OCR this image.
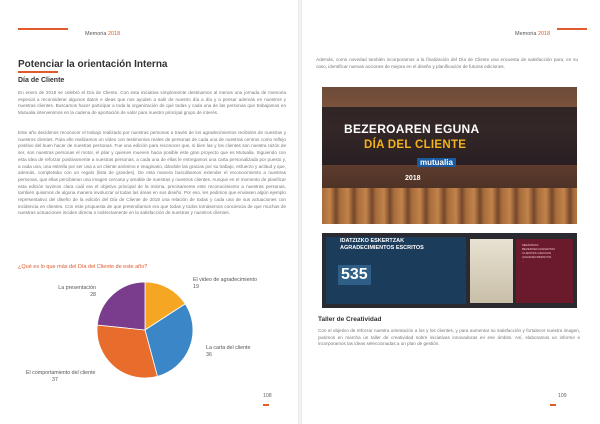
Memoria 2018
Potenciar la orientación Interna
Día de Cliente

En enero de 2018 se celebró el Día de Cliente. Con esta iniciativa simplemente destinamos al menos una jornada de memoria especial a reconsiderar algunos datos e ideas que nos ayuden a salir de nuestro día a día y a pensar además en nuestros y nuestras clientes. Buscamos hacer participar a toda la organización de qué todas y cada una de las personas que trabajamos en Mutualia intervenimos en la cadena de aportación de valor para nuestro principal grupo de interés.

Este año decidimos reconocer el trabajo realizado por nuestras personas a través de los agradecimientos recibidos de nuestras y nuestros clientes. Para ello realizamos un vídeo con testimonios reales de personas de cada una de nuestras centros como reflejo positivo del buen hacer de nuestras personas. Fue una edición para reconocer que, si bien las y los clientes son nuestra razón de ser, son nuestras personas el motor, el pilar y quienes mueven hacia posible este gran proyecto que es Mutualia. Siguiendo con esta idea de reforzar positivamente a nuestras personas, a cada una de ellas le entregamos una carta personalizada por puesto y, a cada una, una estrella por ser una a un cliente anónimo e imaginario, dándole las gracias por su trabajo, esfuerzo y actitud y que, además, completaba con un regalo (lista de grandes). De esta manera buscábamos extender el reconocimiento a nuestras personas, que ellas percibieran una imagen cercana y amable de nuestras y nuestros clientes. Aunque en el momento de planificar esta edición tuvimos clara cuál era el objetivo principal de la misma, precisamente este reconocimiento a nuestras personas, también quisimos de alguna manera involucrar al todas las áreas en sus diseño. Por eso, les pedimos que enviasen algún ejemplo representativo del diseño de la edición del Día de Cliente de 2018 una relación de todas y cada una de sus actuaciones con incidencia en clientes. Con este propuesta de que pretendíamos era que todas y todos tomásemos conciencia de que muchas de nuestras actuaciones inciden directa o indirectamente en la satisfacción de nuestras y nuestros clientes.

¿Qué es lo que más del Día del Cliente de este año?
El video de agradecimiento
19
La carta del cliente
36
El comportamiento del cliente
37
La presentación
28
108
Memoria 2018

Además, como novedad también incorporamos a la finalización del Día de Cliente una encuesta de satisfacción para, en su caso, identificar nuevas acciones de mejora en el diseño y planificación de futuras ediciones.

BEZEROAREN EGUNA
DÍA DEL CLIENTE
mutualia
2018
IDATZIZKO ESKERTZAK
AGRADECIMIENTOS ESCRITOS
535
MEMORIAS
BEZEROEN ESKERTZA
CLIENTES GRACIAS
AGRADECIMIENTOS
...
Taller de Creatividad

Con el objetivo de reforzar nuestra orientación a los y los clientes, y para aumentar su satisfacción y fortalecer nuestra imagen, pusimos en marcha un taller de creatividad sobre iniciativas innovadoras en ese ámbito. Así, elaboramos un informe e incorporamos las ideas seleccionadas a un plan de gestión.

109
